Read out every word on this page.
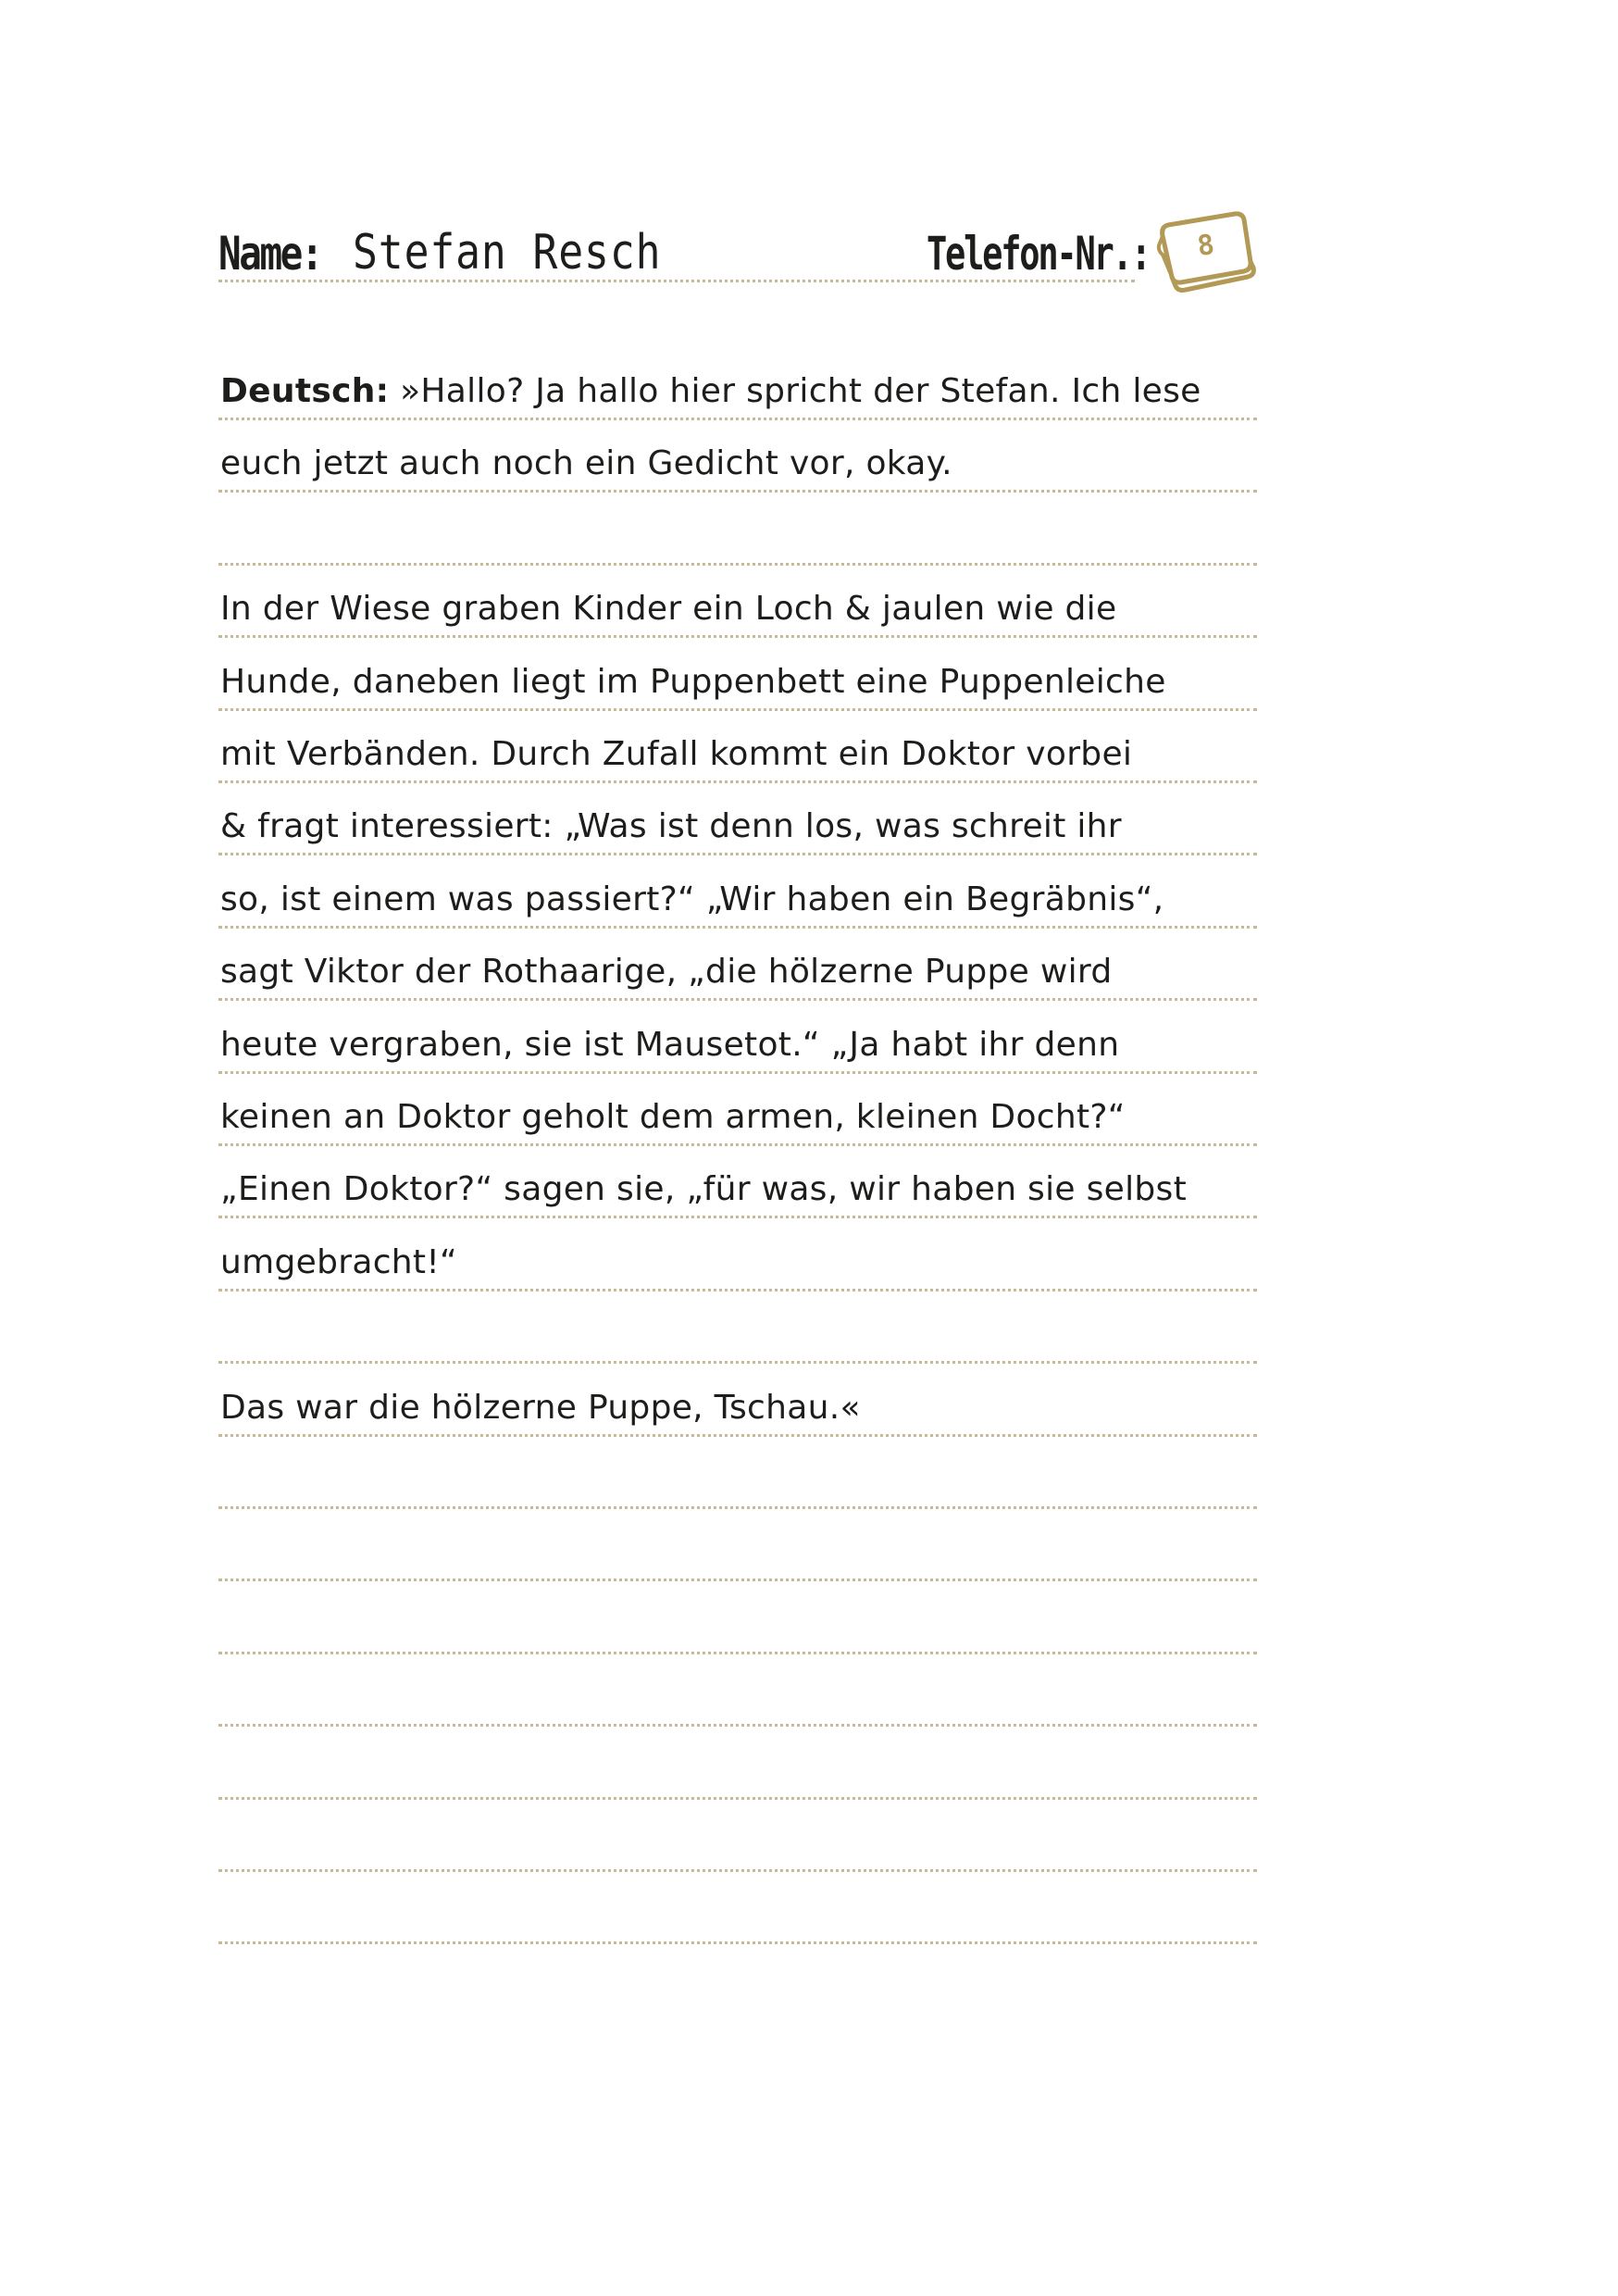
Name: Stefan Resch	Telefon-Nr.: 8
Deutsch: »Hallo? Ja hallo hier spricht der Stefan. Ich lese
euch jetzt auch noch ein Gedicht vor, okay.
In der Wiese graben Kinder ein Loch & jaulen wie die
Hunde, daneben liegt im Puppenbett eine Puppenleiche
mit Verbänden. Durch Zufall kommt ein Doktor vorbei
& fragt interessiert: „Was ist denn los, was schreit ihr
so, ist einem was passiert?“ „Wir haben ein Begräbnis“,
sagt Viktor der Rothaarige, „die hölzerne Puppe wird
heute vergraben, sie ist Mausetot.“ „Ja habt ihr denn
keinen an Doktor geholt dem armen, kleinen Docht?“
„Einen Doktor?“ sagen sie, „für was, wir haben sie selbst
umgebracht!“
Das war die hölzerne Puppe, Tschau.«
